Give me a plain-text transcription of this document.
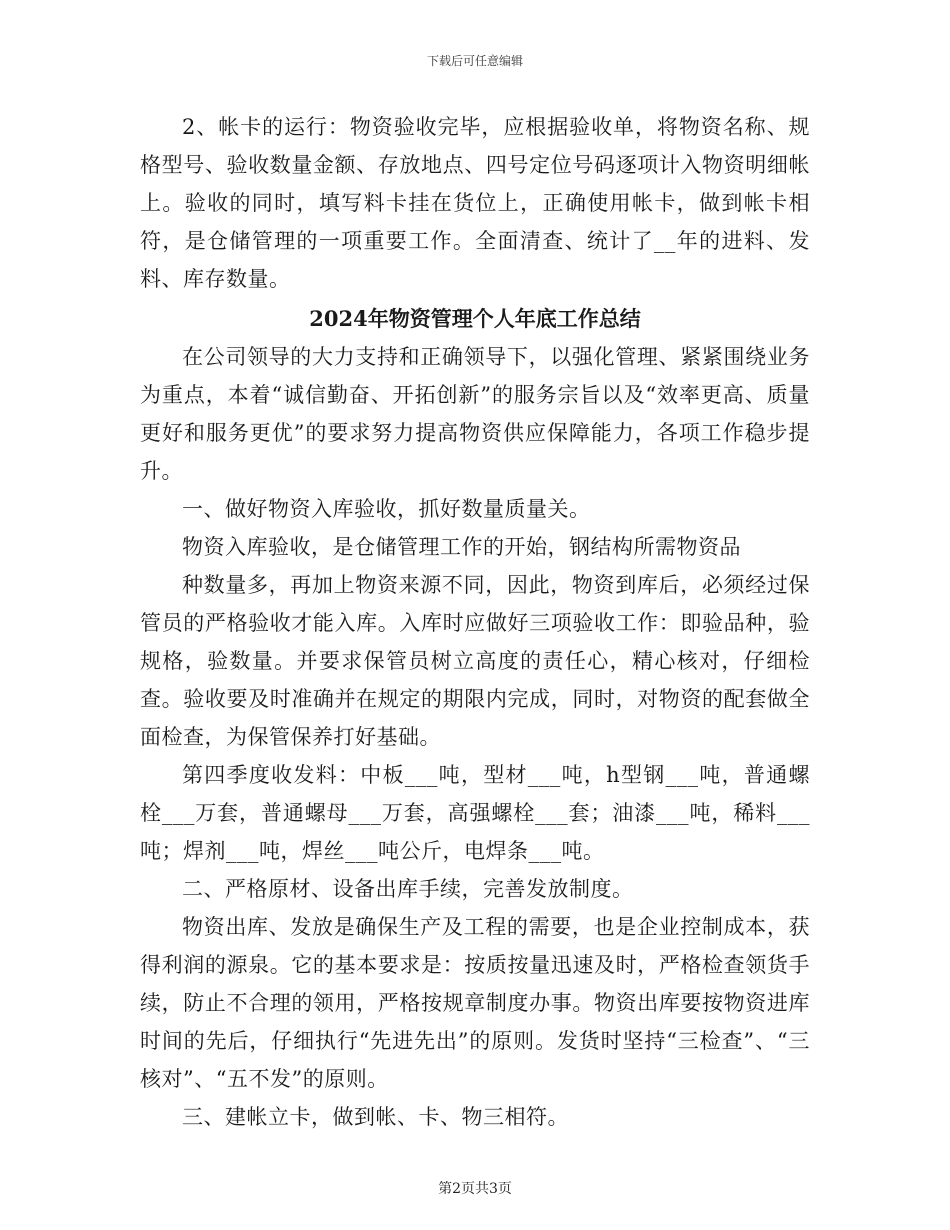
下载后可任意编辑

2、帐卡的运行：物资验收完毕，应根据验收单，将物资名称、规格型号、验收数量金额、存放地点、四号定位号码逐项计入物资明细帐上。验收的同时，填写料卡挂在货位上，正确使用帐卡，做到帐卡相符，是仓储管理的一项重要工作。全面清查、统计了__年的进料、发料、库存数量。

2024年物资管理个人年底工作总结

在公司领导的大力支持和正确领导下，以强化管理、紧紧围绕业务为重点，本着“诚信勤奋、开拓创新”的服务宗旨以及“效率更高、质量更好和服务更优”的要求努力提高物资供应保障能力，各项工作稳步提升。

一、做好物资入库验收，抓好数量质量关。

物资入库验收，是仓储管理工作的开始，钢结构所需物资品

种数量多，再加上物资来源不同，因此，物资到库后，必须经过保管员的严格验收才能入库。入库时应做好三项验收工作：即验品种，验规格，验数量。并要求保管员树立高度的责任心，精心核对，仔细检查。验收要及时准确并在规定的期限内完成，同时，对物资的配套做全面检查，为保管保养打好基础。

第四季度收发料：中板___吨，型材___吨，h型钢___吨，普通螺栓___万套，普通螺母___万套，高强螺栓___套；油漆___吨，稀料___吨；焊剂___吨，焊丝___吨公斤，电焊条___吨。

二、严格原材、设备出库手续，完善发放制度。

物资出库、发放是确保生产及工程的需要，也是企业控制成本，获得利润的源泉。它的基本要求是：按质按量迅速及时，严格检查领货手续，防止不合理的领用，严格按规章制度办事。物资出库要按物资进库时间的先后，仔细执行“先进先出”的原则。发货时坚持“三检查”、“三核对”、“五不发”的原则。

三、建帐立卡，做到帐、卡、物三相符。

第2页共3页
